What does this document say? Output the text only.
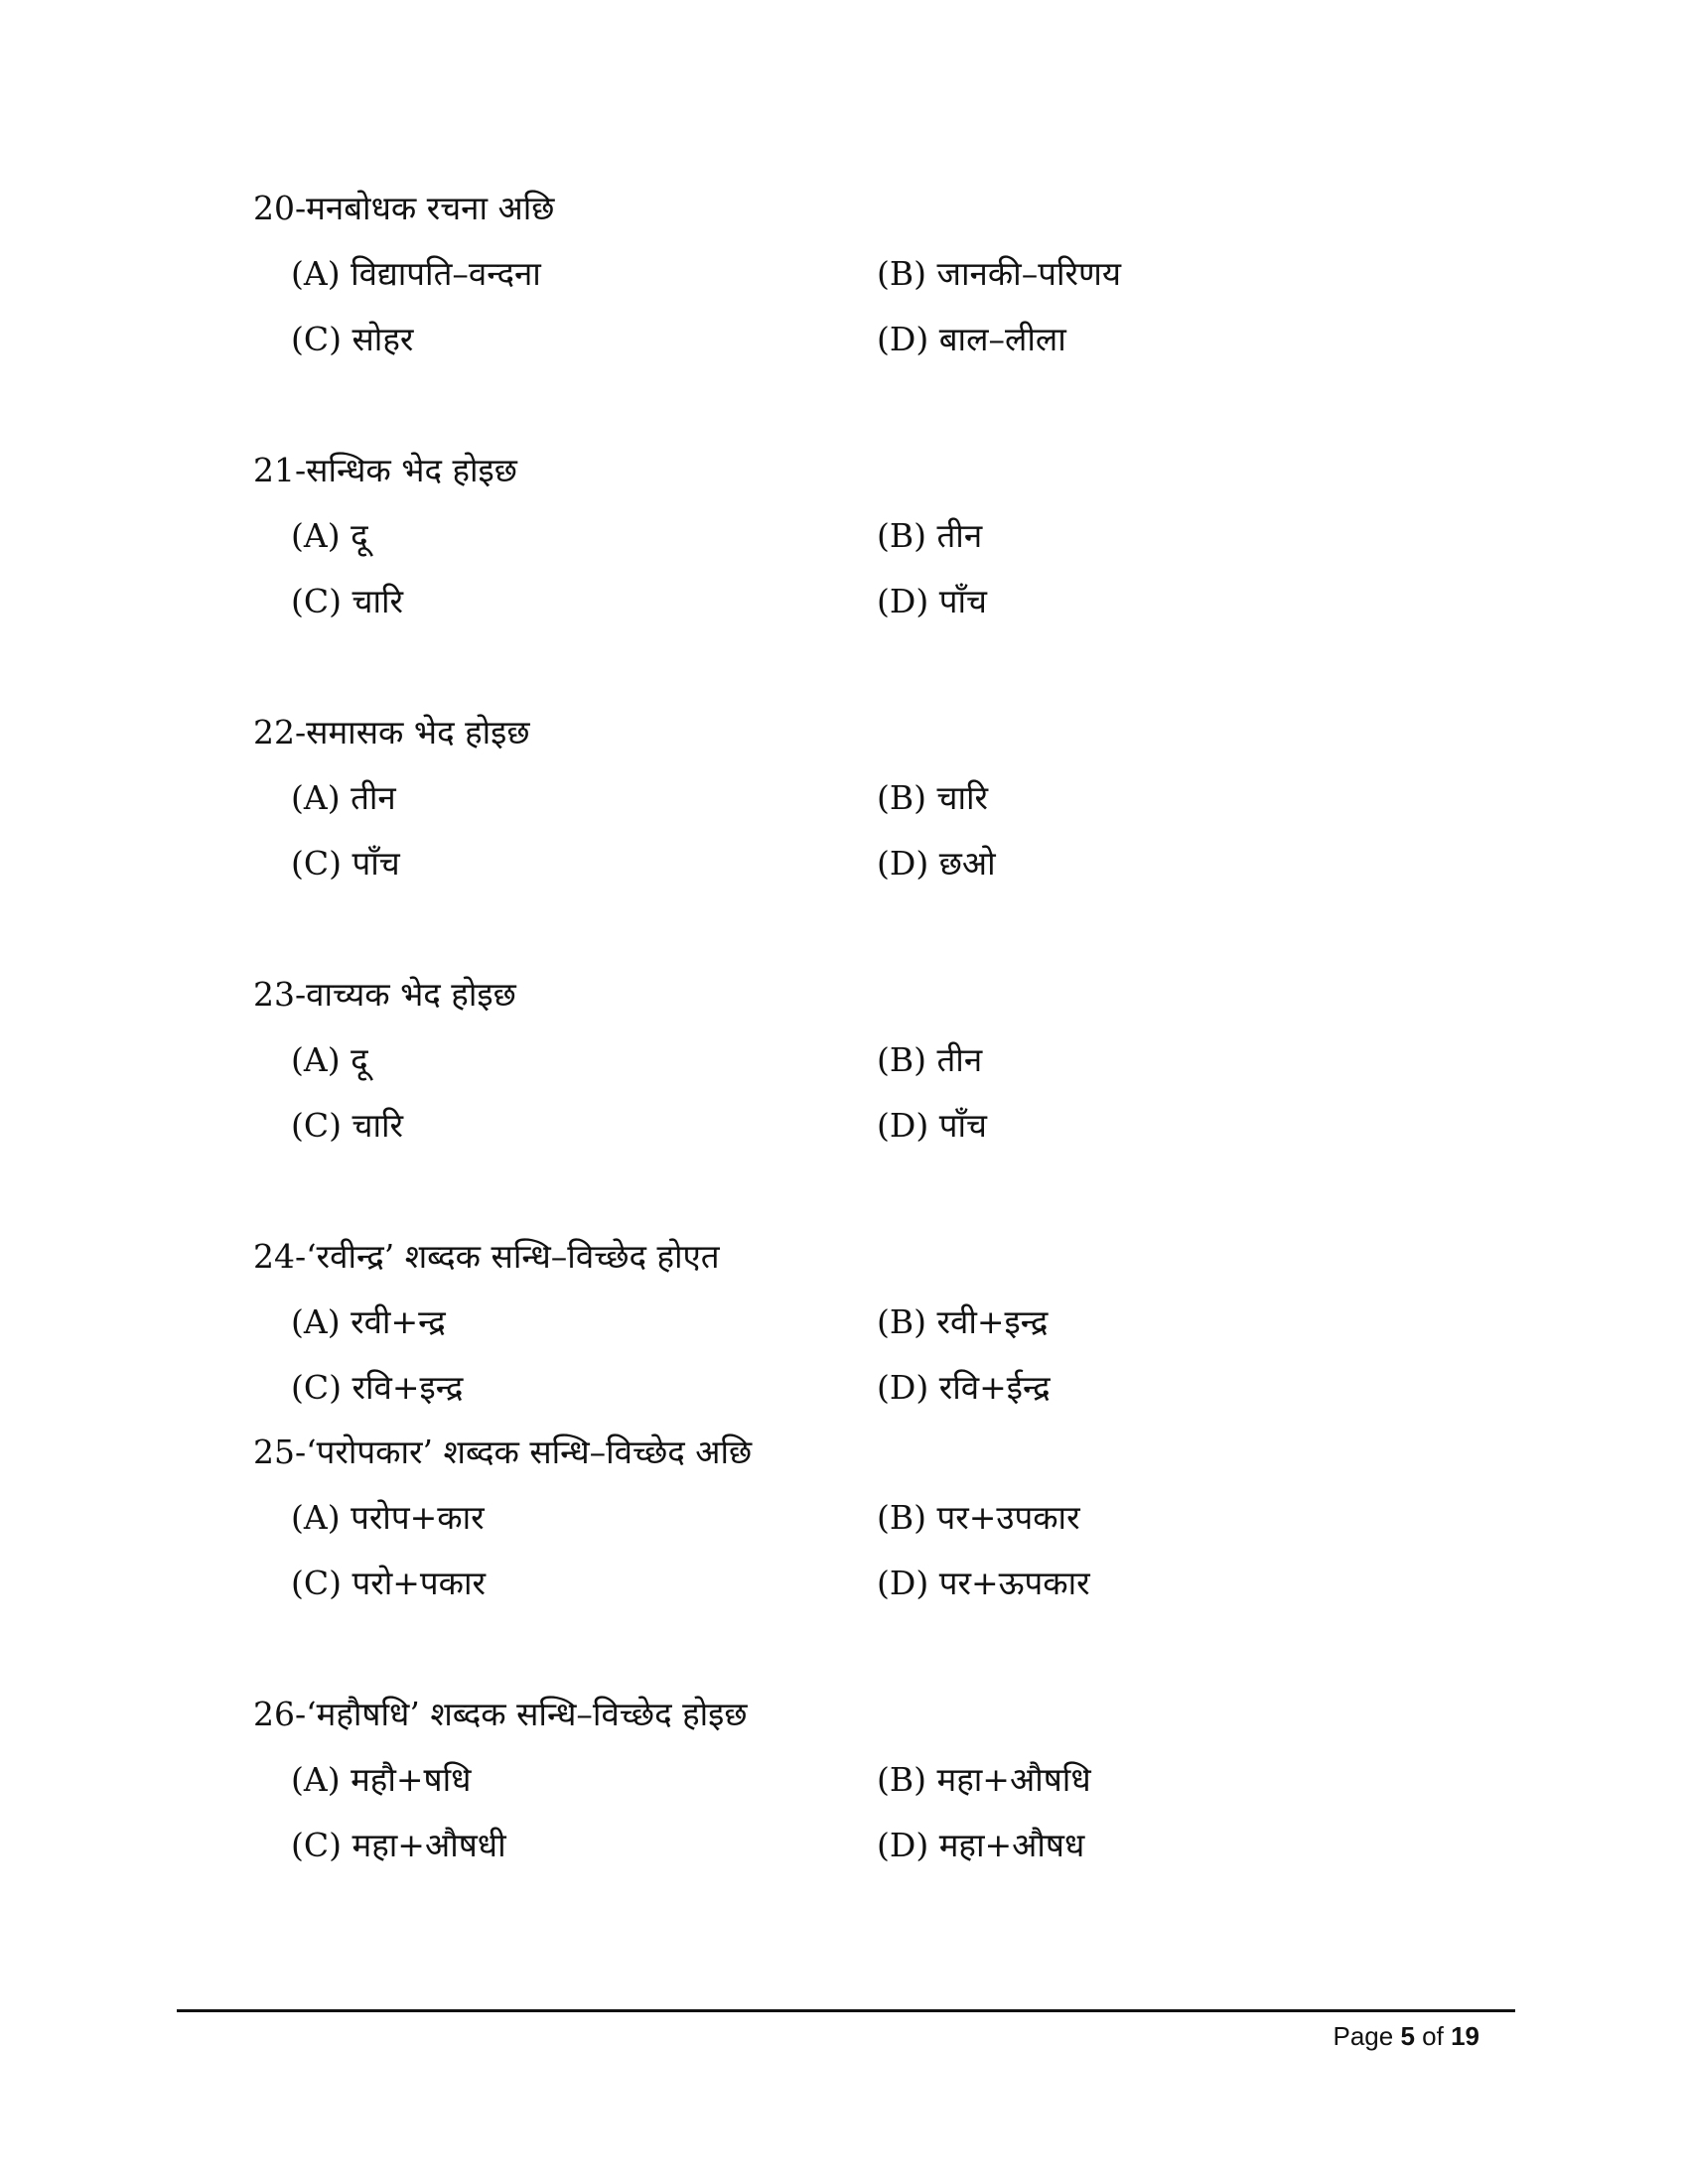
20-मनबोधक रचना अछि
(A) विद्यापति–वन्दना	(B) जानकी–परिणय
(C) सोहर	(D) बाल–लीला
21-सन्धिक भेद होइछ
(A) दू	(B) तीन
(C) चारि	(D) पाँच
22-समासक भेद होइछ
(A) तीन	(B) चारि
(C) पाँच	(D) छओ
23-वाच्यक भेद होइछ
(A) दू	(B) तीन
(C) चारि	(D) पाँच
24-‘रवीन्द्र’ शब्दक सन्धि–विच्छेद होएत
(A) रवी+न्द्र	(B) रवी+इन्द्र
(C) रवि+इन्द्र	(D) रवि+ईन्द्र
25-‘परोपकार’ शब्दक सन्धि–विच्छेद अछि
(A) परोप+कार	(B) पर+उपकार
(C) परो+पकार	(D) पर+ऊपकार
26-‘महौषधि’ शब्दक सन्धि–विच्छेद होइछ
(A) महौ+षधि	(B) महा+औषधि
(C) महा+औषधी	(D) महा+औषध
Page 5 of 19
